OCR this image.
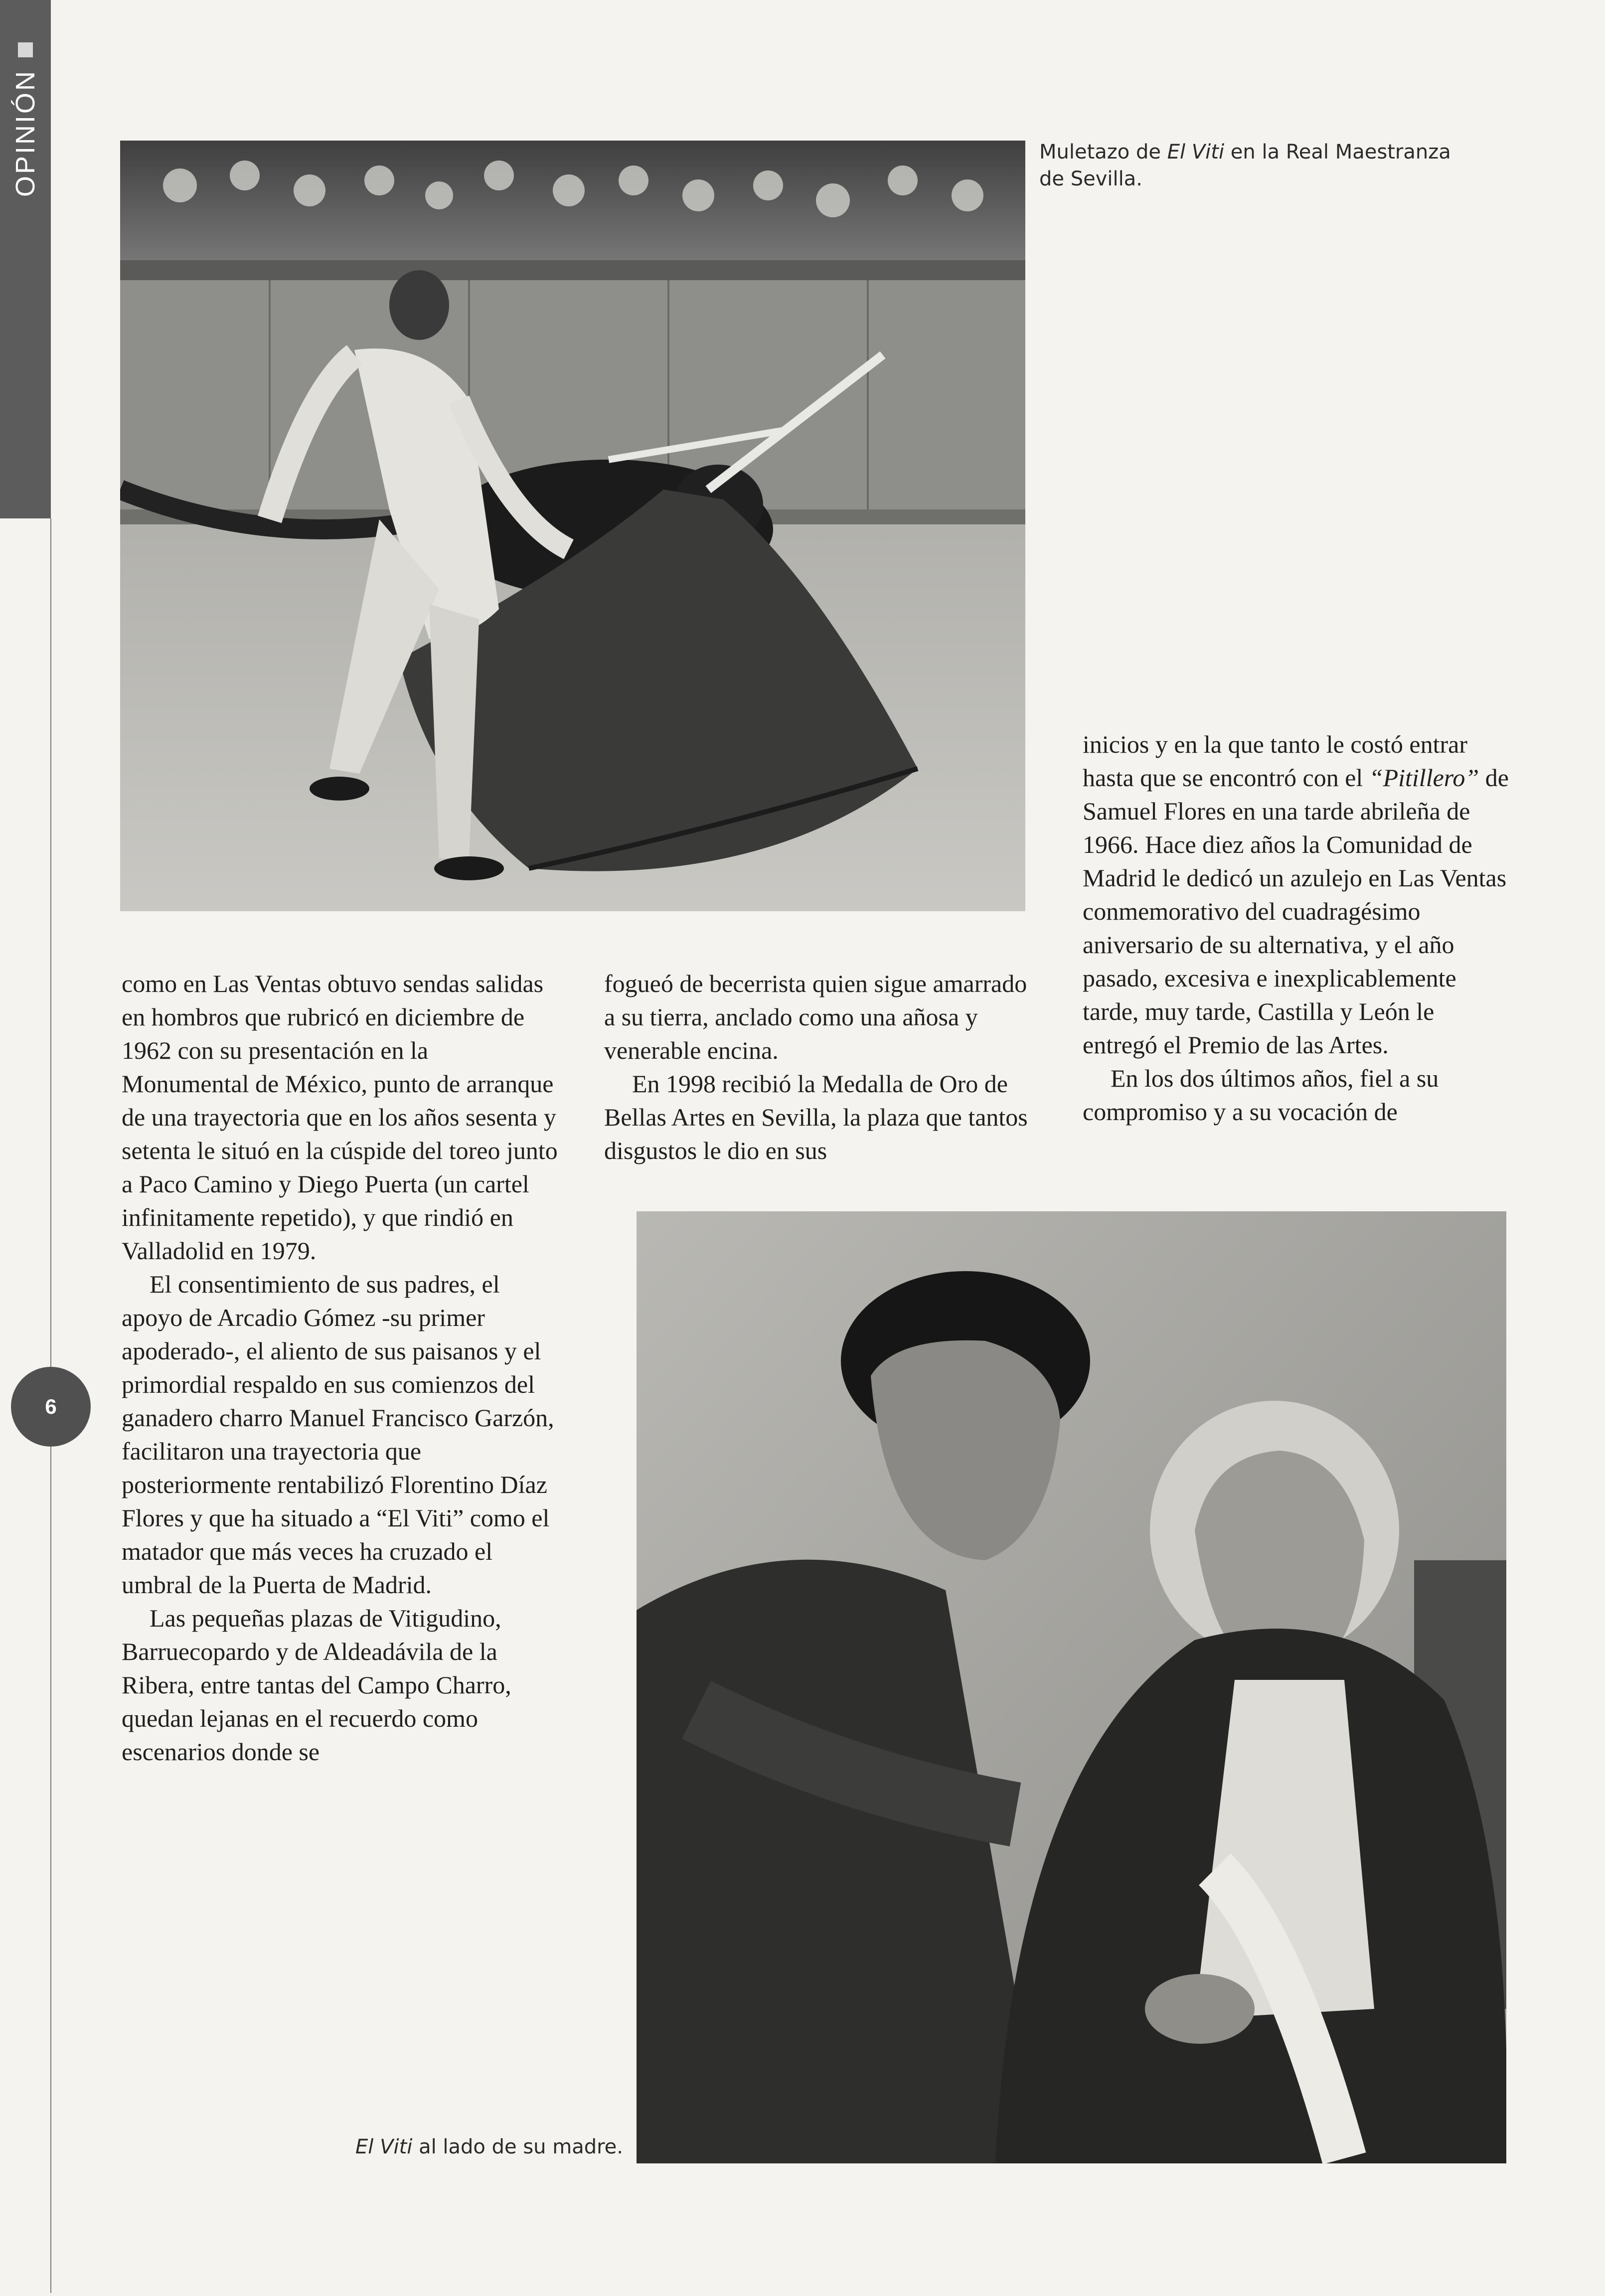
OPINIÓN
6
Muletazo de El Viti en la Real Maestranza de Sevilla.
El Viti al lado de su madre.

como en Las Ventas obtuvo sendas salidas en hombros que rubricó en diciembre de 1962 con su presentación en la Monumental de México, punto de arranque de una trayectoria que en los años sesenta y setenta le situó en la cúspide del toreo junto a Paco Camino y Diego Puerta (un cartel infinitamente repetido), y que rindió en Valladolid en 1979.

El consentimiento de sus padres, el apoyo de Arcadio Gómez -su primer apoderado-, el aliento de sus paisanos y el primordial respaldo en sus comienzos del ganadero charro Manuel Francisco Garzón, facilitaron una trayectoria que posteriormente rentabilizó Florentino Díaz Flores y que ha situado a “El Viti” como el matador que más veces ha cruzado el umbral de la Puerta de Madrid.

Las pequeñas plazas de Vitigudino, Barruecopardo y de Aldeadávila de la Ribera, entre tantas del Campo Charro, quedan lejanas en el recuerdo como escenarios donde se

fogueó de becerrista quien sigue amarrado a su tierra, anclado como una añosa y venerable encina.

En 1998 recibió la Medalla de Oro de Bellas Artes en Sevilla, la plaza que tantos disgustos le dio en sus

inicios y en la que tanto le costó entrar hasta que se encontró con el “Pitillero” de Samuel Flores en una tarde abrileña de 1966. Hace diez años la Comunidad de Madrid le dedicó un azulejo en Las Ventas conmemorativo del cuadragésimo aniversario de su alternativa, y el año pasado, excesiva e inexplicablemente tarde, muy tarde, Castilla y León le entregó el Premio de las Artes.

En los dos últimos años, fiel a su compromiso y a su vocación de
